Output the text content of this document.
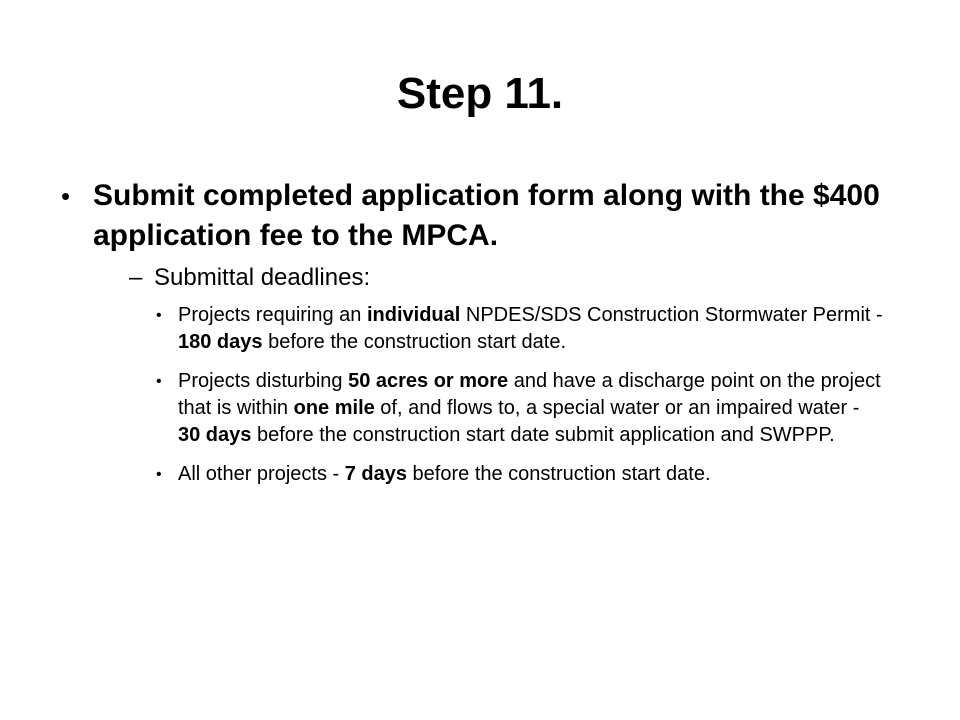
Step 11.
• Submit completed application form along with the $400 application fee to the MPCA.
– Submittal deadlines:
• Projects requiring an individual NPDES/SDS Construction Stormwater Permit - 180 days before the construction start date.
• Projects disturbing 50 acres or more and have a discharge point on the project that is within one mile of, and flows to, a special water or an impaired water - 30 days before the construction start date submit application and SWPPP.
• All other projects - 7 days before the construction start date.
